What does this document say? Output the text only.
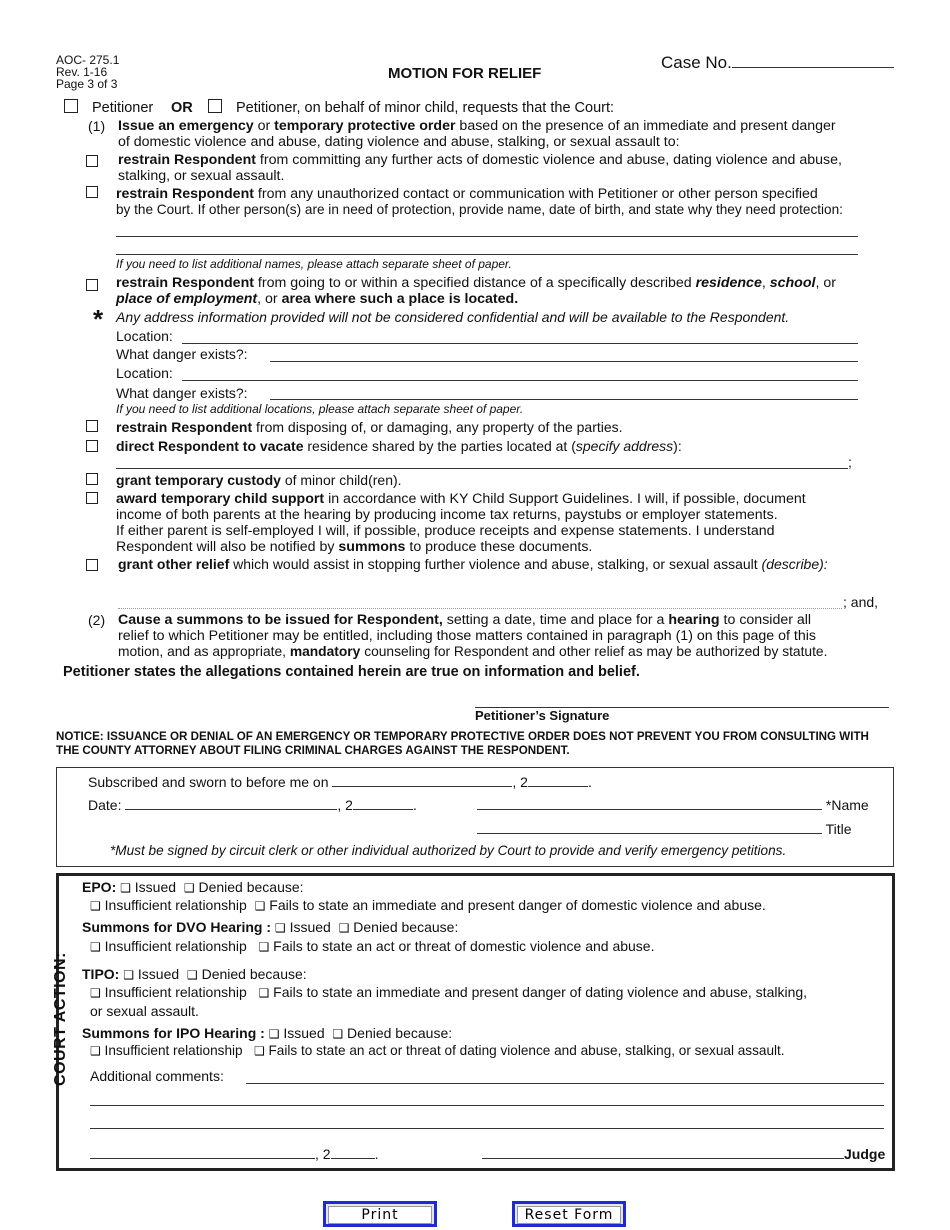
AOC- 275.1
Rev. 1-16
Page 3 of 3
MOTION FOR RELIEF
Case No.
Petitioner OR	Petitioner, on behalf of minor child, requests that the Court:
(1) Issue an emergency or temporary protective order based on the presence of an immediate and present danger
of domestic violence and abuse, dating violence and abuse, stalking, or sexual assault to:
restrain Respondent from committing any further acts of domestic violence and abuse, dating violence and abuse,
stalking, or sexual assault.
restrain Respondent from any unauthorized contact or communication with Petitioner or other person specified
by the Court. If other person(s) are in need of protection, provide name, date of birth, and state why they need protection:
If you need to list additional names, please attach separate sheet of paper.
restrain Respondent from going to or within a specified distance of a specifically described residence, school, or
place of employment, or area where such a place is located.
* Any address information provided will not be considered confidential and will be available to the Respondent.
Location:
What danger exists?:
Location:
What danger exists?:
If you need to list additional locations, please attach separate sheet of paper.
restrain Respondent from disposing of, or damaging, any property of the parties.
direct Respondent to vacate residence shared by the parties located at (specify address):
;
grant temporary custody of minor child(ren).
award temporary child support in accordance with KY Child Support Guidelines. I will, if possible, document
income of both parents at the hearing by producing income tax returns, paystubs or employer statements.
If either parent is self-employed I will, if possible, produce receipts and expense statements. I understand
Respondent will also be notified by summons to produce these documents.
grant other relief which would assist in stopping further violence and abuse, stalking, or sexual assault (describe):
; and,
(2) Cause a summons to be issued for Respondent, setting a date, time and place for a hearing to consider all
relief to which Petitioner may be entitled, including those matters contained in paragraph (1) on this page of this
motion, and as appropriate, mandatory counseling for Respondent and other relief as may be authorized by statute.
Petitioner states the allegations contained herein are true on information and belief.
Petitioner’s Signature
NOTICE: ISSUANCE OR DENIAL OF AN EMERGENCY OR TEMPORARY PROTECTIVE ORDER DOES NOT PREVENT YOU FROM CONSULTING WITH THE COUNTY ATTORNEY ABOUT FILING CRIMINAL CHARGES AGAINST THE RESPONDENT.
Subscribed and sworn to before me on	, 2	.
Date:	, 2	.	*Name
Title
*Must be signed by circuit clerk or other individual authorized by Court to provide and verify emergency petitions.
COURT ACTION:
EPO: ❑ Issued ❑ Denied because:
❑ Insufficient relationship ❑ Fails to state an immediate and present danger of domestic violence and abuse.
Summons for DVO Hearing : ❑ Issued ❑ Denied because:
❑ Insufficient relationship ❑ Fails to state an act or threat of domestic violence and abuse.
TIPO: ❑ Issued ❑ Denied because:
❑ Insufficient relationship ❑ Fails to state an immediate and present danger of dating violence and abuse, stalking,
or sexual assault.
Summons for IPO Hearing : ❑ Issued ❑ Denied because:
❑ Insufficient relationship ❑ Fails to state an act or threat of dating violence and abuse, stalking, or sexual assault.
Additional comments:
, 2	.	Judge
Print	Reset Form
